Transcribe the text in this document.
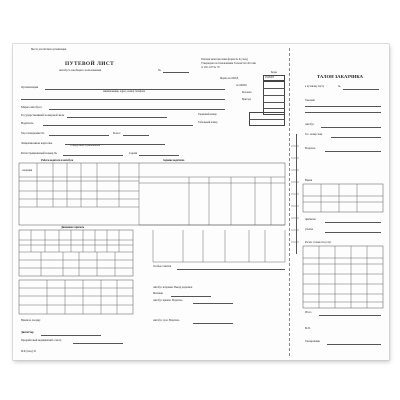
Место для штампа организации
ПУТЕВОЙ ЛИСТ
автобуса необщего пользования	№
Типовая межотраслевая форма № 6 (спец.)
Утверждена постановлением Госкомстата России
от 28.11.97 № 78
Коды
Форма по ОКУД	0345005
по ОКПО
Организация
наименование, адрес, номер телефона	Колонна
Бригада
Марка автобуса
Государственный номерной знак	Гаражный номер
Водитель	Табельный номер
Удостоверение №	Класс
Лицензионная карточка
стандартная, ограниченная
Регистрационный номер №	Серия
Работа водителя и автобуса	Задание водителю
операция
Движение горючего
Особые отметки
Автобус исправен. Выезд разрешен
Механик
Автобус принял. Водитель
Автобус сдал. Водитель
Время на поездку
Диспетчер
Предрейсовый медицинский осмотр
Ф.6 (спец.) 01
ТАЛОН ЗАКАЗЧИКА
к путевому листу	№
Заказчик
Автобус
Гос. номер знак
Водитель
Время
прибытие
убытие
Расчет стоимости услуг
Итого
М.П.
Таксировщик
